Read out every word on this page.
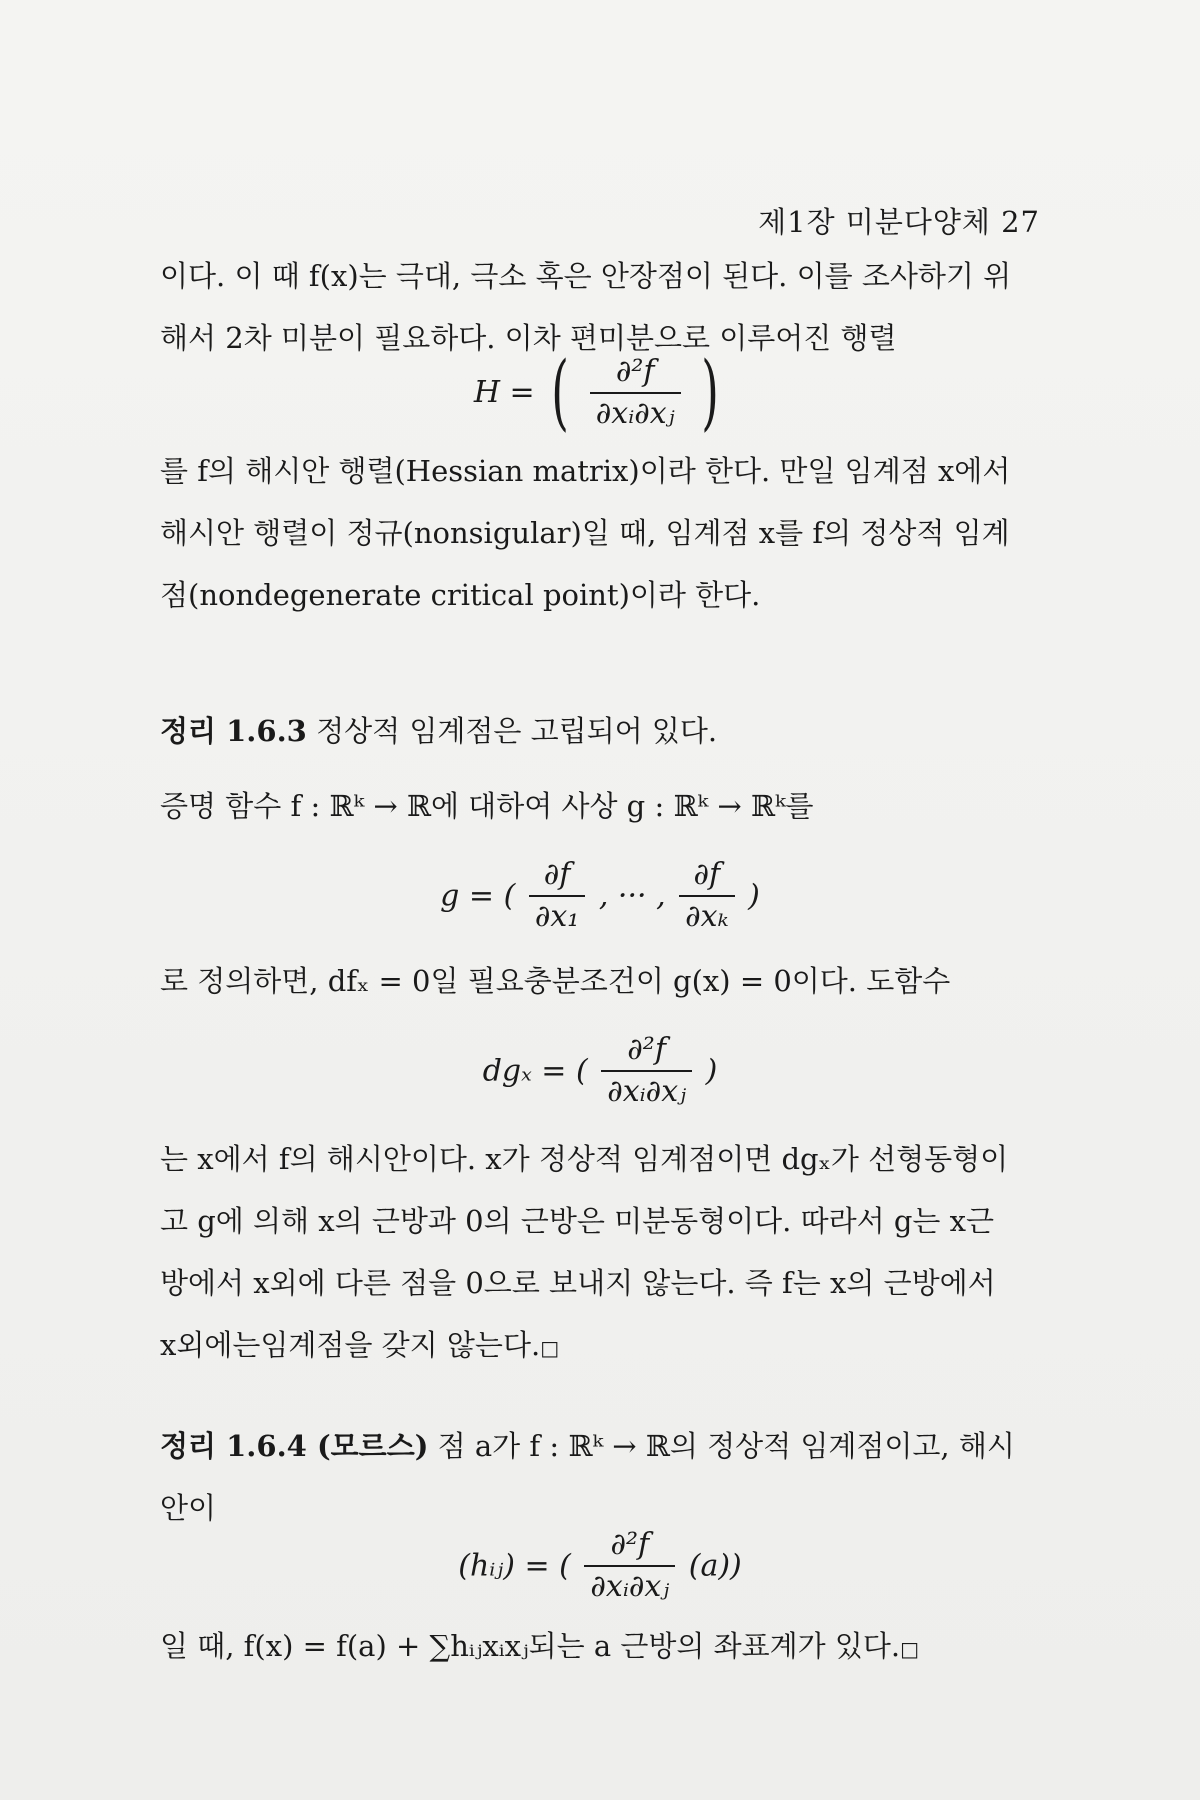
제1장 미분다양체 27
이다. 이 때 f(x)는 극대, 극소 혹은 안장점이 된다. 이를 조사하기 위
해서 2차 미분이 필요하다. 이차 편미분으로 이루어진 행렬
H = ( $\frac{\text{∂²f}}{\text{∂xᵢ∂xⱼ}}$ )
를 f의 해시안 행렬(Hessian matrix)이라 한다. 만일 임계점 x에서
해시안 행렬이 정규(nonsigular)일 때, 임계점 x를 f의 정상적 임계
점(nondegenerate critical point)이라 한다.
정리 1.6.3 정상적 임계점은 고립되어 있다.
증명 함수 f : ℝᵏ → ℝ에 대하여 사상 g : ℝᵏ → ℝᵏ를
g = ( $\frac{\partial f}{\text{∂x₁}}$ , ··· , $\frac{\partial f}{\text{∂xₖ}}$ )
로 정의하면, dfₓ = 0일 필요충분조건이 g(x) = 0이다. 도함수
dgₓ = ( $\frac{\text{∂²f}}{\text{∂xᵢ∂xⱼ}}$ )
는 x에서 f의 해시안이다. x가 정상적 임계점이면 dgₓ가 선형동형이
고 g에 의해 x의 근방과 0의 근방은 미분동형이다. 따라서 g는 x근
방에서 x외에 다른 점을 0으로 보내지 않는다. 즉 f는 x의 근방에서
x외에는임계점을 갖지 않는다.□
정리 1.6.4 (모르스) 점 a가 f : ℝᵏ → ℝ의 정상적 임계점이고, 해시
안이
(hᵢⱼ) = ( $\frac{\text{∂²f}}{\text{∂xᵢ∂xⱼ}} (a)$)
일 때, f(x) = f(a) + ∑hᵢⱼxᵢxⱼ되는 a 근방의 좌표계가 있다.□
